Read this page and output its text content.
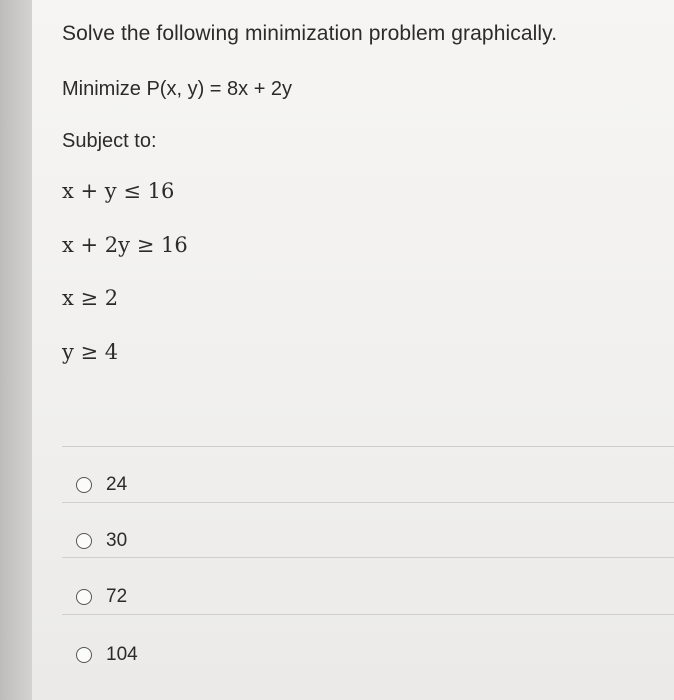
Solve the following minimization problem graphically.
Minimize P(x, y) = 8x + 2y
Subject to:
x + y ≤ 16
x + 2y ≥ 16
x ≥ 2
y ≥ 4
24
30
72
104
